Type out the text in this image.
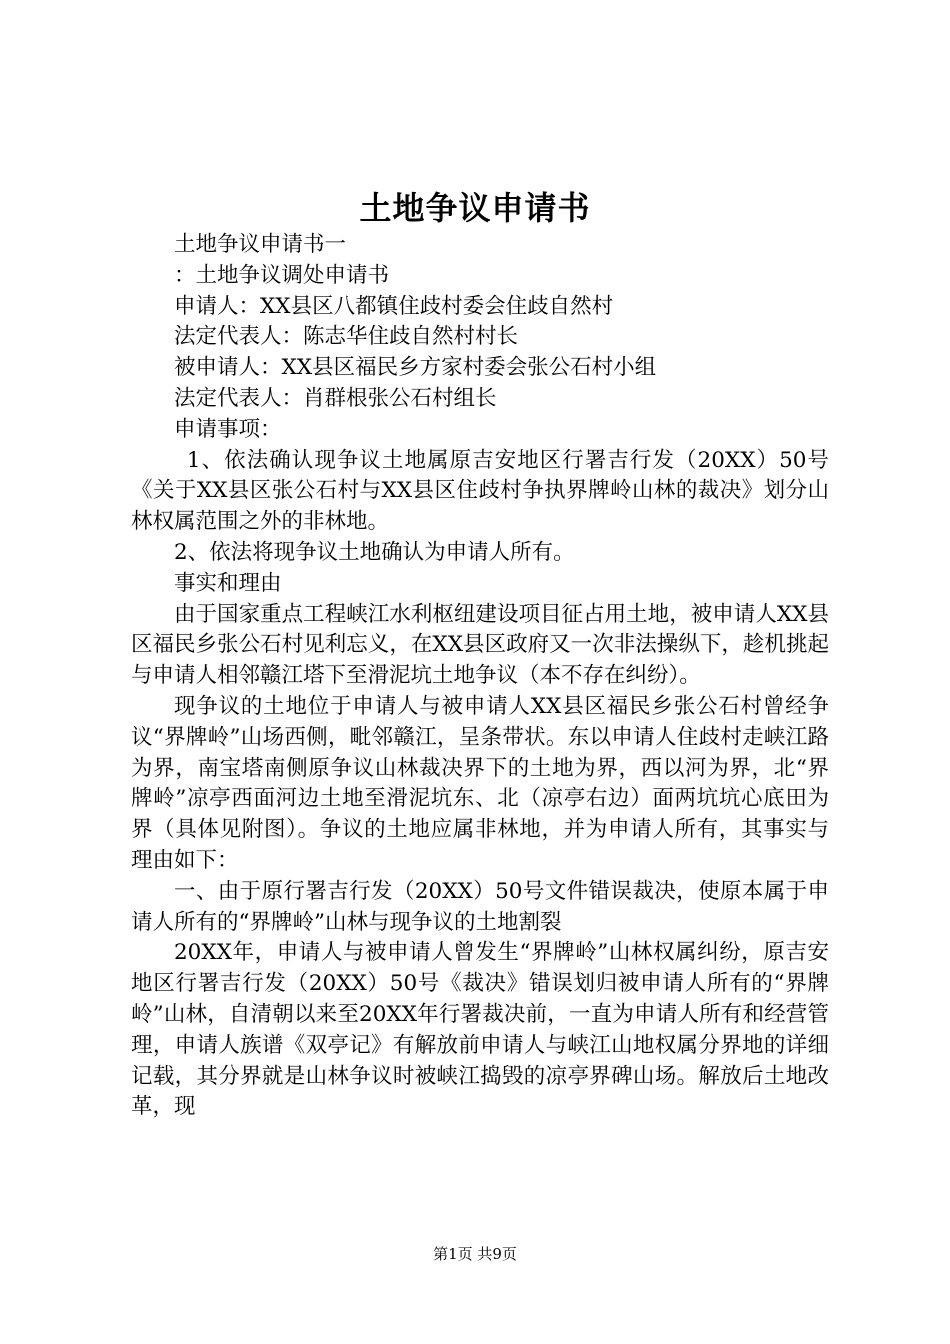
土地争议申请书

土地争议申请书一

：土地争议调处申请书

申请人：XX县区八都镇住歧村委会住歧自然村

法定代表人：陈志华住歧自然村村长

被申请人：XX县区福民乡方家村委会张公石村小组

法定代表人：肖群根张公石村组长

申请事项：

1、依法确认现争议土地属原吉安地区行署吉行发（20XX）50号《关于XX县区张公石村与XX县区住歧村争执界牌岭山林的裁决》划分山林权属范围之外的非林地。

2、依法将现争议土地确认为申请人所有。

事实和理由

由于国家重点工程峡江水利枢纽建设项目征占用土地，被申请人XX县区福民乡张公石村见利忘义，在XX县区政府又一次非法操纵下，趁机挑起与申请人相邻赣江塔下至滑泥坑土地争议（本不存在纠纷）。

现争议的土地位于申请人与被申请人XX县区福民乡张公石村曾经争议“界牌岭”山场西侧，毗邻赣江，呈条带状。东以申请人住歧村走峡江路为界，南宝塔南侧原争议山林裁决界下的土地为界，西以河为界，北“界牌岭”凉亭西面河边土地至滑泥坑东、北（凉亭右边）面两坑坑心底田为界（具体见附图）。争议的土地应属非林地，并为申请人所有，其事实与理由如下：

一、由于原行署吉行发（20XX）50号文件错误裁决，使原本属于申请人所有的“界牌岭”山林与现争议的土地割裂

20XX年，申请人与被申请人曾发生“界牌岭”山林权属纠纷，原吉安地区行署吉行发（20XX）50号《裁决》错误划归被申请人所有的“界牌岭”山林，自清朝以来至20XX年行署裁决前，一直为申请人所有和经营管理，申请人族谱《双亭记》有解放前申请人与峡江山地权属分界地的详细记载，其分界就是山林争议时被峡江捣毁的凉亭界碑山场。解放后土地改革，现

第1页 共9页
